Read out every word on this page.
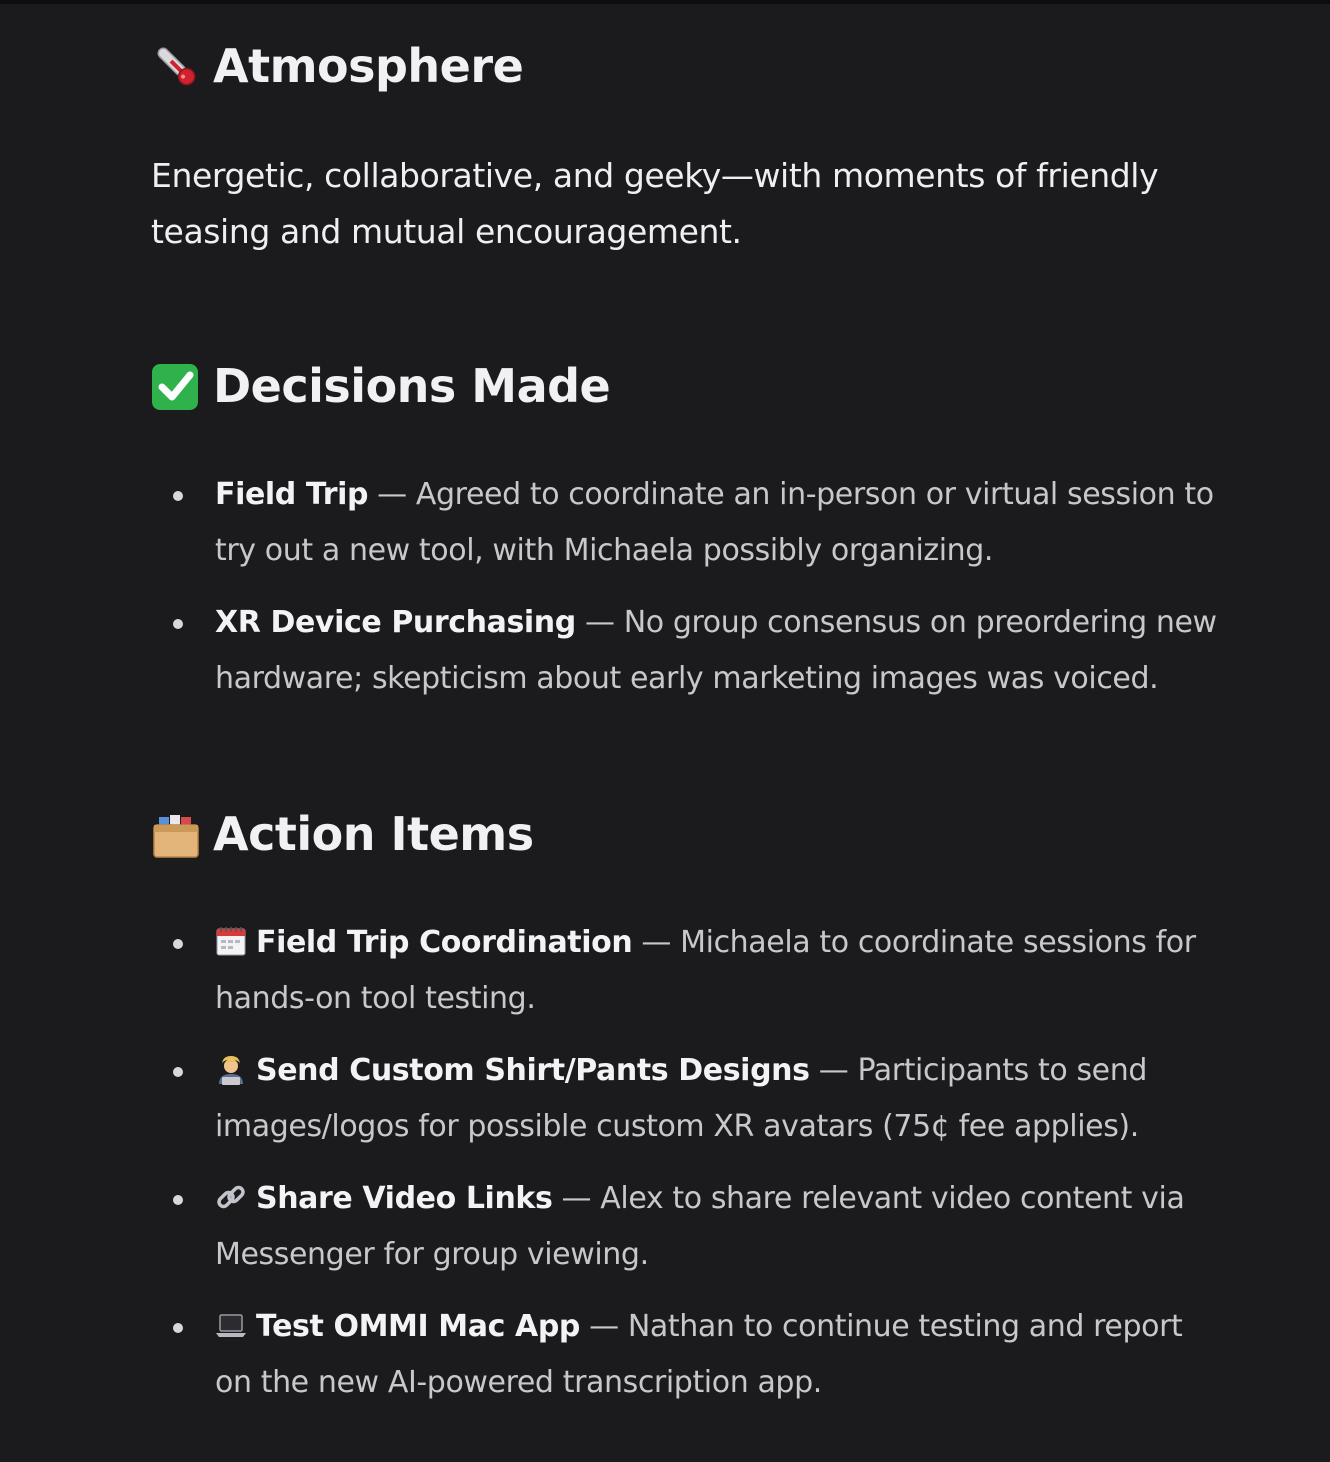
Atmosphere

Energetic, collaborative, and geeky—with moments of friendly teasing and mutual encouragement.

Decisions Made
Field Trip — Agreed to coordinate an in-person or virtual session to try out a new tool, with Michaela possibly organizing.
XR Device Purchasing — No group consensus on preordering new hardware; skepticism about early marketing images was voiced.
Action Items
Field Trip Coordination — Michaela to coordinate sessions for hands-on tool testing.
Send Custom Shirt/Pants Designs — Participants to send images/logos for possible custom XR avatars (75¢ fee applies).
Share Video Links — Alex to share relevant video content via Messenger for group viewing.
Test OMMI Mac App — Nathan to continue testing and report on the new AI-powered transcription app.
